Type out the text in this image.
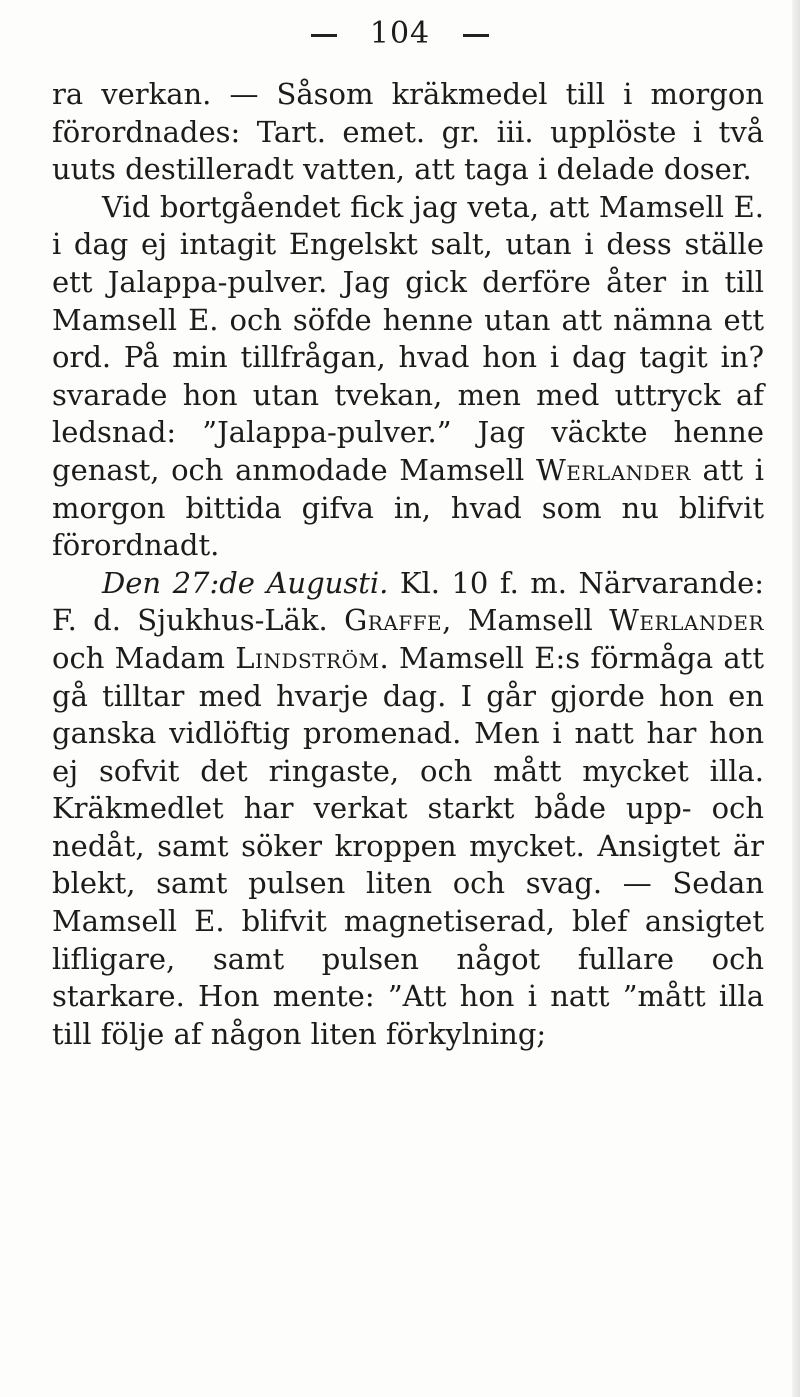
104

ra verkan. — Såsom kräkmedel till i morgon förordnades: Tart. emet. gr. iii. upplöste i två uuts destilleradt vatten, att taga i delade doser.

Vid bortgåendet fick jag veta, att Mamsell E. i dag ej intagit Engelskt salt, utan i dess ställe ett Jalappa-pulver. Jag gick derföre åter in till Mamsell E. och söfde henne utan att nämna ett ord. På min tillfrågan, hvad hon i dag tagit in? svarade hon utan tvekan, men med uttryck af ledsnad: ”Jalappa-pulver.” Jag väckte henne genast, och anmodade Mamsell Werlander att i morgon bittida gifva in, hvad som nu blifvit förordnadt.

Den 27:de Augusti. Kl. 10 f. m. Närvarande: F. d. Sjukhus-Läk. Graffe, Mamsell Werlander och Madam Lindström. Mamsell E:s förmåga att gå tilltar med hvarje dag. I går gjorde hon en ganska vidlöftig promenad. Men i natt har hon ej sofvit det ringaste, och mått mycket illa. Kräkmedlet har verkat starkt både upp- och nedåt, samt söker kroppen mycket. Ansigtet är blekt, samt pulsen liten och svag. — Sedan Mamsell E. blifvit magnetiserad, blef ansigtet lifligare, samt pulsen något fullare och starkare. Hon mente: ”Att hon i natt ”mått illa till följe af någon liten förkylning;
